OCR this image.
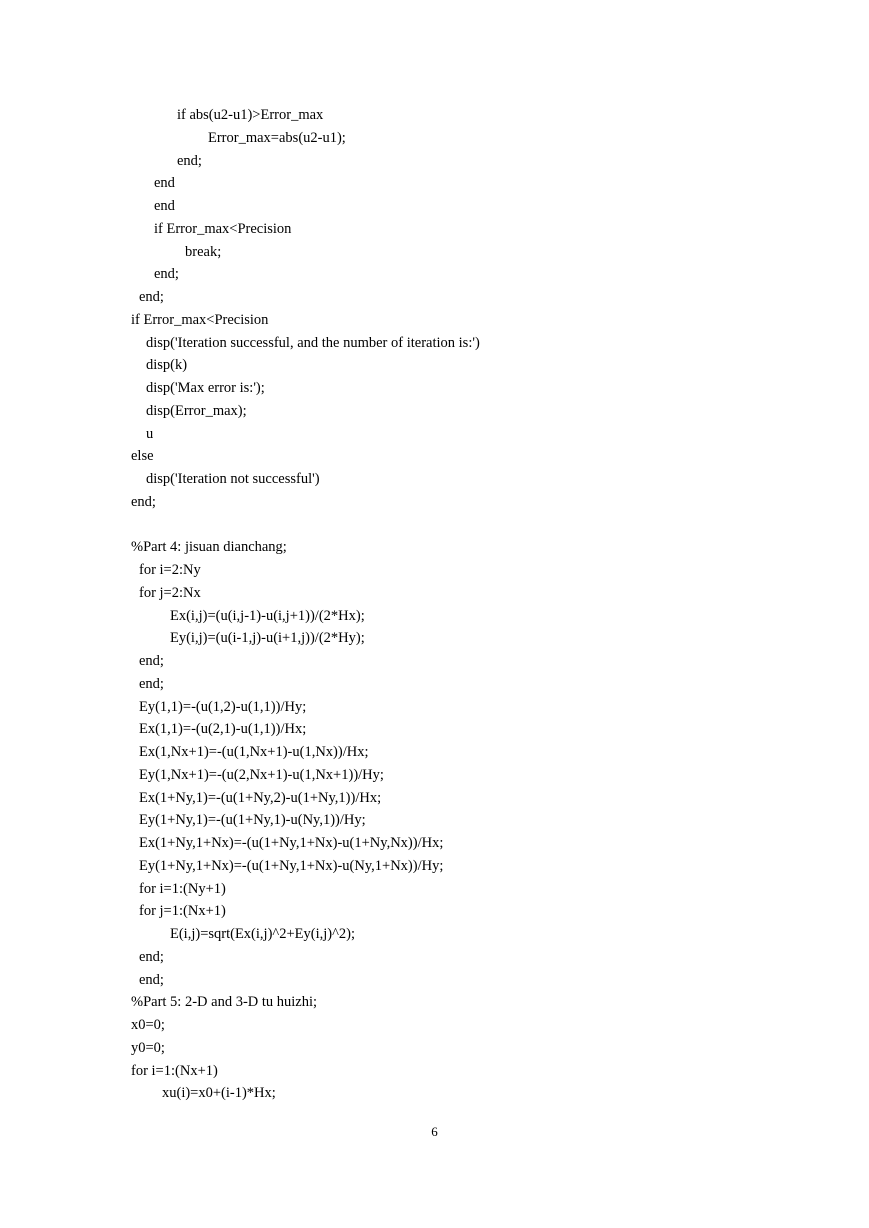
if abs(u2-u1)>Error_max
Error_max=abs(u2-u1);
end;
end
end
if Error_max<Precision
break;
end;
end;
if Error_max<Precision
disp('Iteration successful, and the number of iteration is:')
disp(k)
disp('Max error is:');
disp(Error_max);
u
else
disp('Iteration not successful')
end;
%Part 4: jisuan dianchang;
for i=2:Ny
for j=2:Nx
Ex(i,j)=(u(i,j-1)-u(i,j+1))/(2*Hx);
Ey(i,j)=(u(i-1,j)-u(i+1,j))/(2*Hy);
end;
end;
Ey(1,1)=-(u(1,2)-u(1,1))/Hy;
Ex(1,1)=-(u(2,1)-u(1,1))/Hx;
Ex(1,Nx+1)=-(u(1,Nx+1)-u(1,Nx))/Hx;
Ey(1,Nx+1)=-(u(2,Nx+1)-u(1,Nx+1))/Hy;
Ex(1+Ny,1)=-(u(1+Ny,2)-u(1+Ny,1))/Hx;
Ey(1+Ny,1)=-(u(1+Ny,1)-u(Ny,1))/Hy;
Ex(1+Ny,1+Nx)=-(u(1+Ny,1+Nx)-u(1+Ny,Nx))/Hx;
Ey(1+Ny,1+Nx)=-(u(1+Ny,1+Nx)-u(Ny,1+Nx))/Hy;
for i=1:(Ny+1)
for j=1:(Nx+1)
E(i,j)=sqrt(Ex(i,j)^2+Ey(i,j)^2);
end;
end;
%Part 5: 2-D and 3-D tu huizhi;
x0=0;
y0=0;
for i=1:(Nx+1)
xu(i)=x0+(i-1)*Hx;
6
